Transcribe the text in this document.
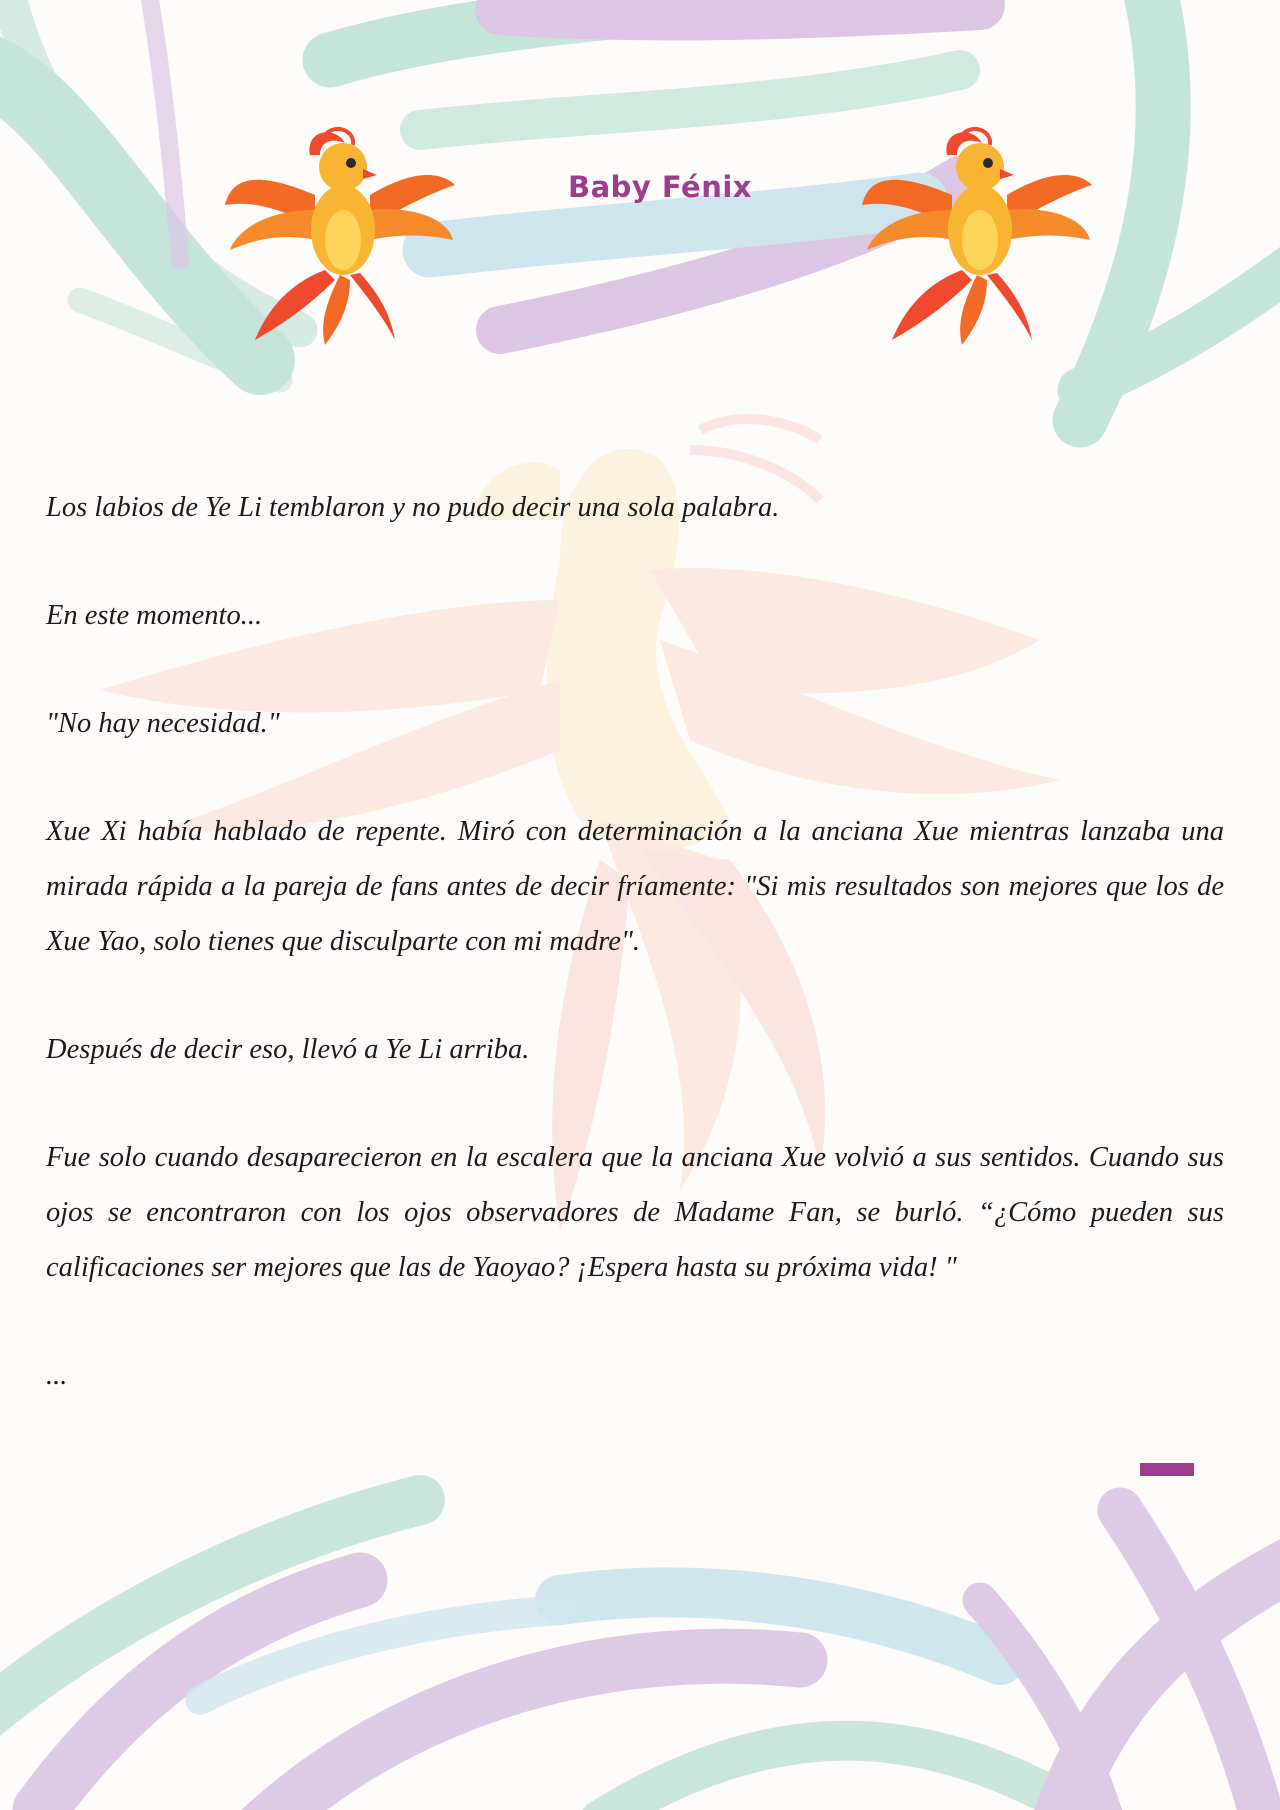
Baby Fénix

Los labios de Ye Li temblaron y no pudo decir una sola palabra.

En este momento...

"No hay necesidad."

Xue Xi había hablado de repente. Miró con determinación a la anciana Xue mientras lanzaba una mirada rápida a la pareja de fans antes de decir fríamente: "Si mis resultados son mejores que los de Xue Yao, solo tienes que disculparte con mi madre".

Después de decir eso, llevó a Ye Li arriba.

Fue solo cuando desaparecieron en la escalera que la anciana Xue volvió a sus sentidos. Cuando sus ojos se encontraron con los ojos observadores de Madame Fan, se burló. “¿Cómo pueden sus calificaciones ser mejores que las de Yaoyao? ¡Espera hasta su próxima vida! "

...
